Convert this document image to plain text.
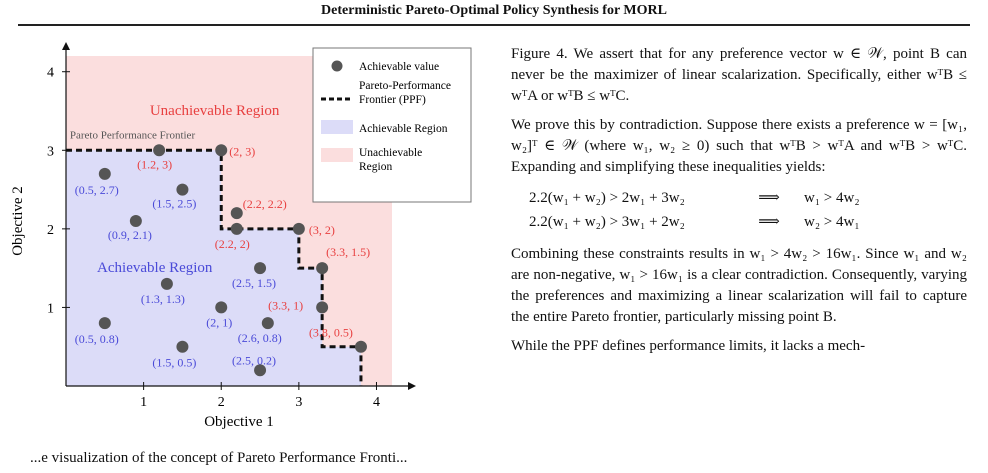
Deterministic Pareto-Optimal Policy Synthesis for MORL
1	2	3	4
1
2
3
4
Objective 1
Objective 2
Unachievable Region
Achievable Region
Pareto Performance Frontier
(0.5, 2.7)
(1.5, 2.5)
(0.9, 2.1)
(1.3, 1.3)
(2.5, 1.5)
(2, 1)
(0.5, 0.8)	(2.6, 0.8)
(1.5, 0.5)	(2.5, 0.2)
(1.2, 3)
(2, 3)
(2.2, 2.2)
(2.2, 2)
(3, 2)
(3.3, 1.5)
(3.3, 1)
(3.8, 0.5)
Achievable value
Pareto-Performance
Frontier (PPF)
Achievable Region
Unachievable
Region
...e visualization of the concept of Pareto Performance Fronti...

Figure 4. We assert that for any preference vector w ∈ 𝒲, point B can never be the maximizer of linear scalarization. Specifically, either wᵀB ≤ wᵀA or wᵀB ≤ wᵀC.

We prove this by contradiction. Suppose there exists a preference w = [w₁, w₂]ᵀ ∈ 𝒲 (where w₁, w₂ ≥ 0) such that wᵀB > wᵀA and wᵀB > wᵀC. Expanding and simplifying these inequalities yields:

2.2(w₁ + w₂) > 2w₁ + 3w₂	⟹	w₁ > 4w₂
2.2(w₁ + w₂) > 3w₁ + 2w₂	⟹	w₂ > 4w₁

Combining these constraints results in w₁ > 4w₂ > 16w₁. Since w₁ and w₂ are non-negative, w₁ > 16w₁ is a clear contradiction. Consequently, varying the preferences and maximizing a linear scalarization will fail to capture the entire Pareto frontier, particularly missing point B.

While the PPF defines performance limits, it lacks a mech-
